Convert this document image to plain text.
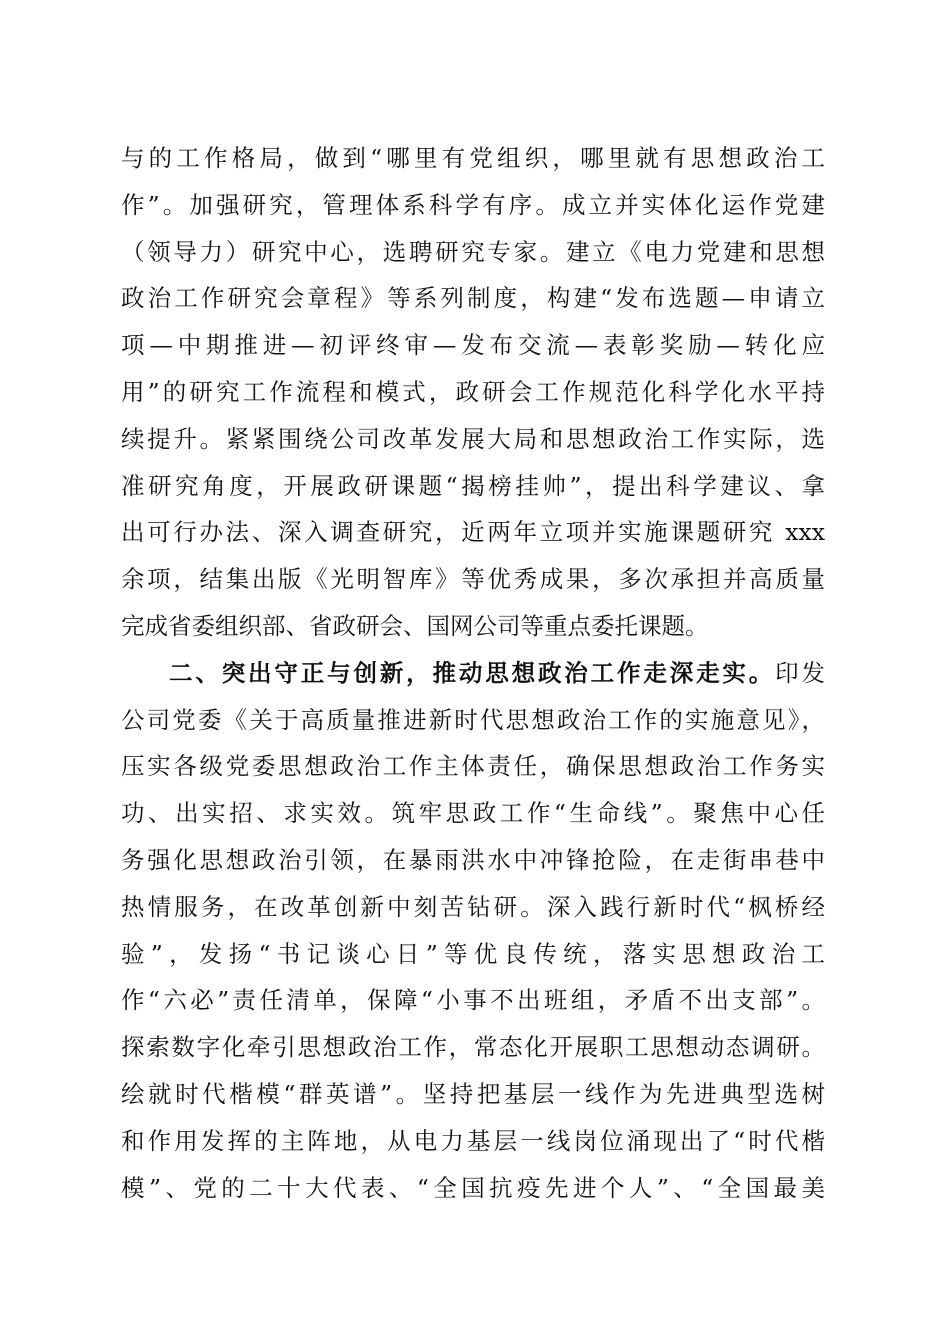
与的工作格局，做到“哪里有党组织，哪里就有思想政治工
作”。加强研究，管理体系科学有序。成立并实体化运作党建
（领导力）研究中心，选聘研究专家。建立《电力党建和思想
政治工作研究会章程》等系列制度，构建“发布选题—申请立
项—中期推进—初评终审—发布交流—表彰奖励—转化应
用”的研究工作流程和模式，政研会工作规范化科学化水平持
续提升。紧紧围绕公司改革发展大局和思想政治工作实际，选
准研究角度，开展政研课题“揭榜挂帅”，提出科学建议、拿
出可行办法、深入调查研究，近两年立项并实施课题研究 xxx
余项，结集出版《光明智库》等优秀成果，多次承担并高质量
完成省委组织部、省政研会、国网公司等重点委托课题。
二、突出守正与创新，推动思想政治工作走深走实。印发
公司党委《关于高质量推进新时代思想政治工作的实施意见》，
压实各级党委思想政治工作主体责任，确保思想政治工作务实
功、出实招、求实效。筑牢思政工作“生命线”。聚焦中心任
务强化思想政治引领，在暴雨洪水中冲锋抢险，在走街串巷中
热情服务，在改革创新中刻苦钻研。深入践行新时代“枫桥经
验”，发扬“书记谈心日”等优良传统，落实思想政治工
作“六必”责任清单，保障“小事不出班组，矛盾不出支部”。
探索数字化牵引思想政治工作，常态化开展职工思想动态调研。
绘就时代楷模“群英谱”。坚持把基层一线作为先进典型选树
和作用发挥的主阵地，从电力基层一线岗位涌现出了“时代楷
模”、党的二十大代表、“全国抗疫先进个人”、“全国最美
